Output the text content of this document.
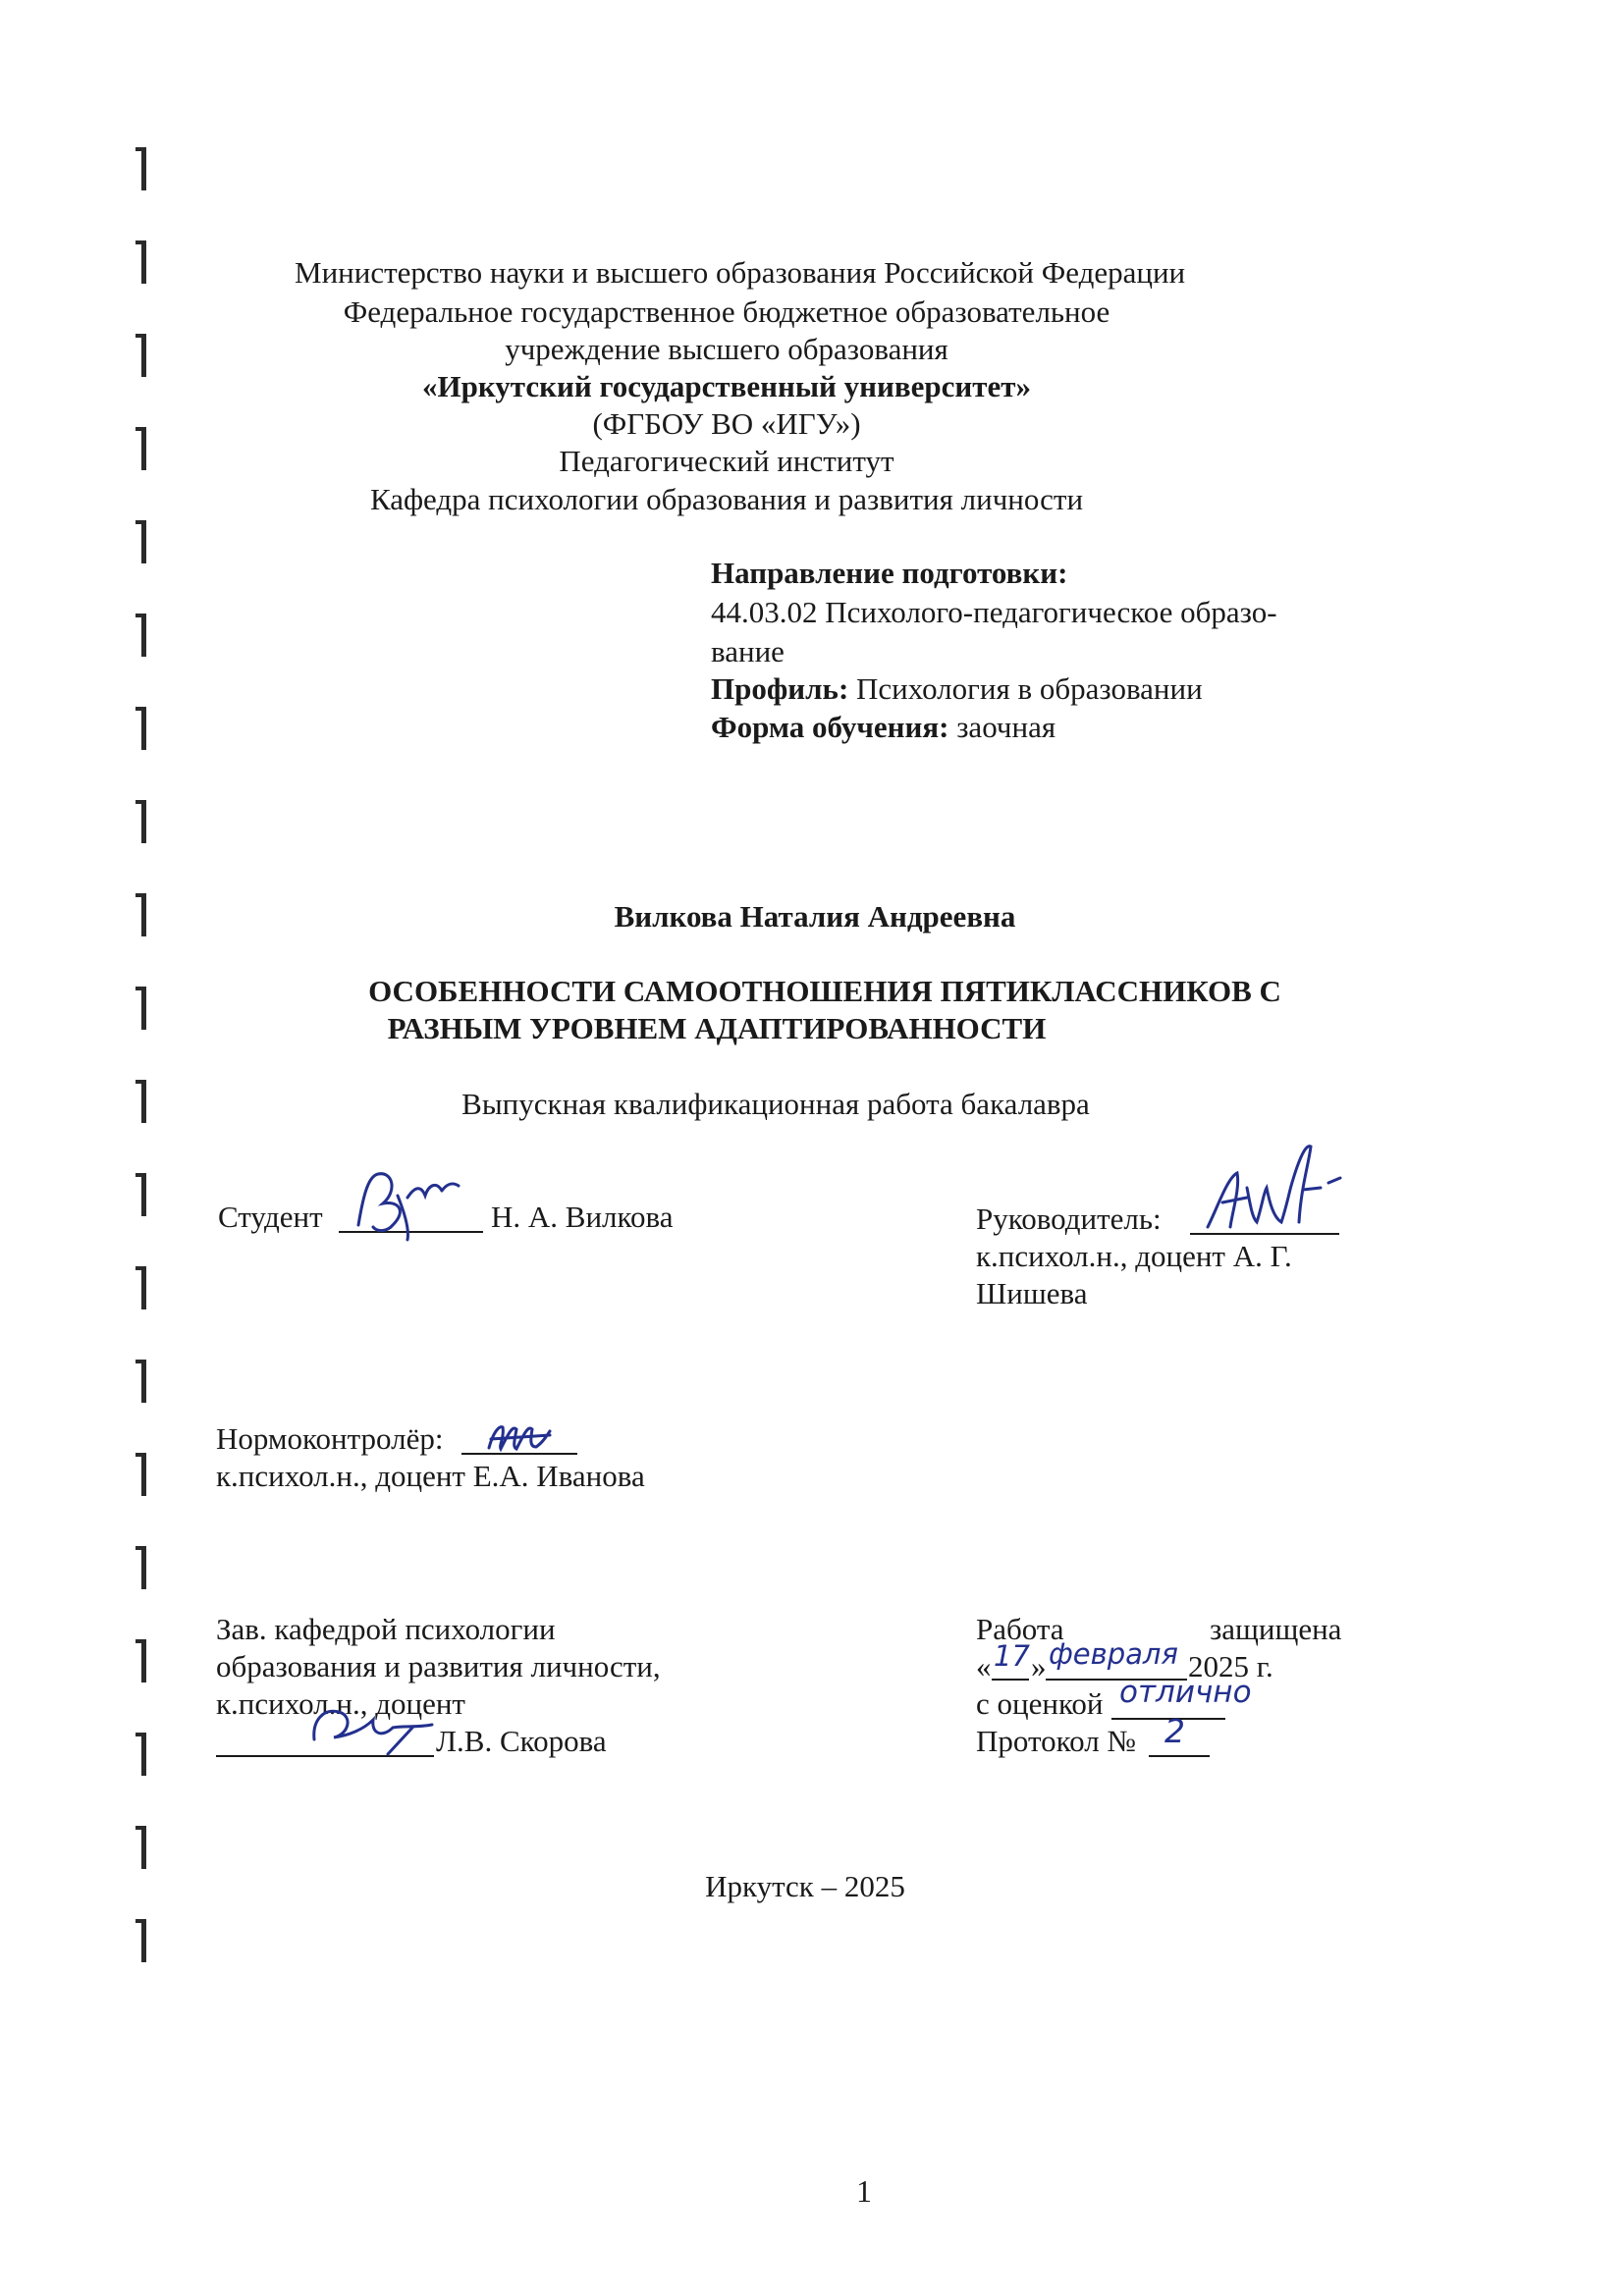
Министерство науки и высшего образования Российской Федерации
Федеральное государственное бюджетное образовательное
учреждение высшего образования
«Иркутский государственный университет»
(ФГБОУ ВО «ИГУ»)
Педагогический институт
Кафедра психологии образования и развития личности
Направление подготовки:
44.03.02 Психолого-педагогическое образо-
вание
Профиль: Психология в образовании
Форма обучения: заочная
Вилкова Наталия Андреевна
ОСОБЕННОСТИ САМООТНОШЕНИЯ ПЯТИКЛАССНИКОВ С
РАЗНЫМ УРОВНЕМ АДАПТИРОВАННОСТИ
Выпускная квалификационная работа бакалавра
Студент	Н. А. Вилкова	Руководитель:
к.психол.н., доцент А. Г.
Шишева
Нормоконтролёр:
к.психол.н., доцент Е.А. Иванова
Зав. кафедрой психологии
образования и развития личности,
к.психол.н., доцент
Л.В. Скорова
Работа	защищена
« 17 » февраля 2025 г.
с оценкой отлично
Протокол № 2
Иркутск – 2025
1
